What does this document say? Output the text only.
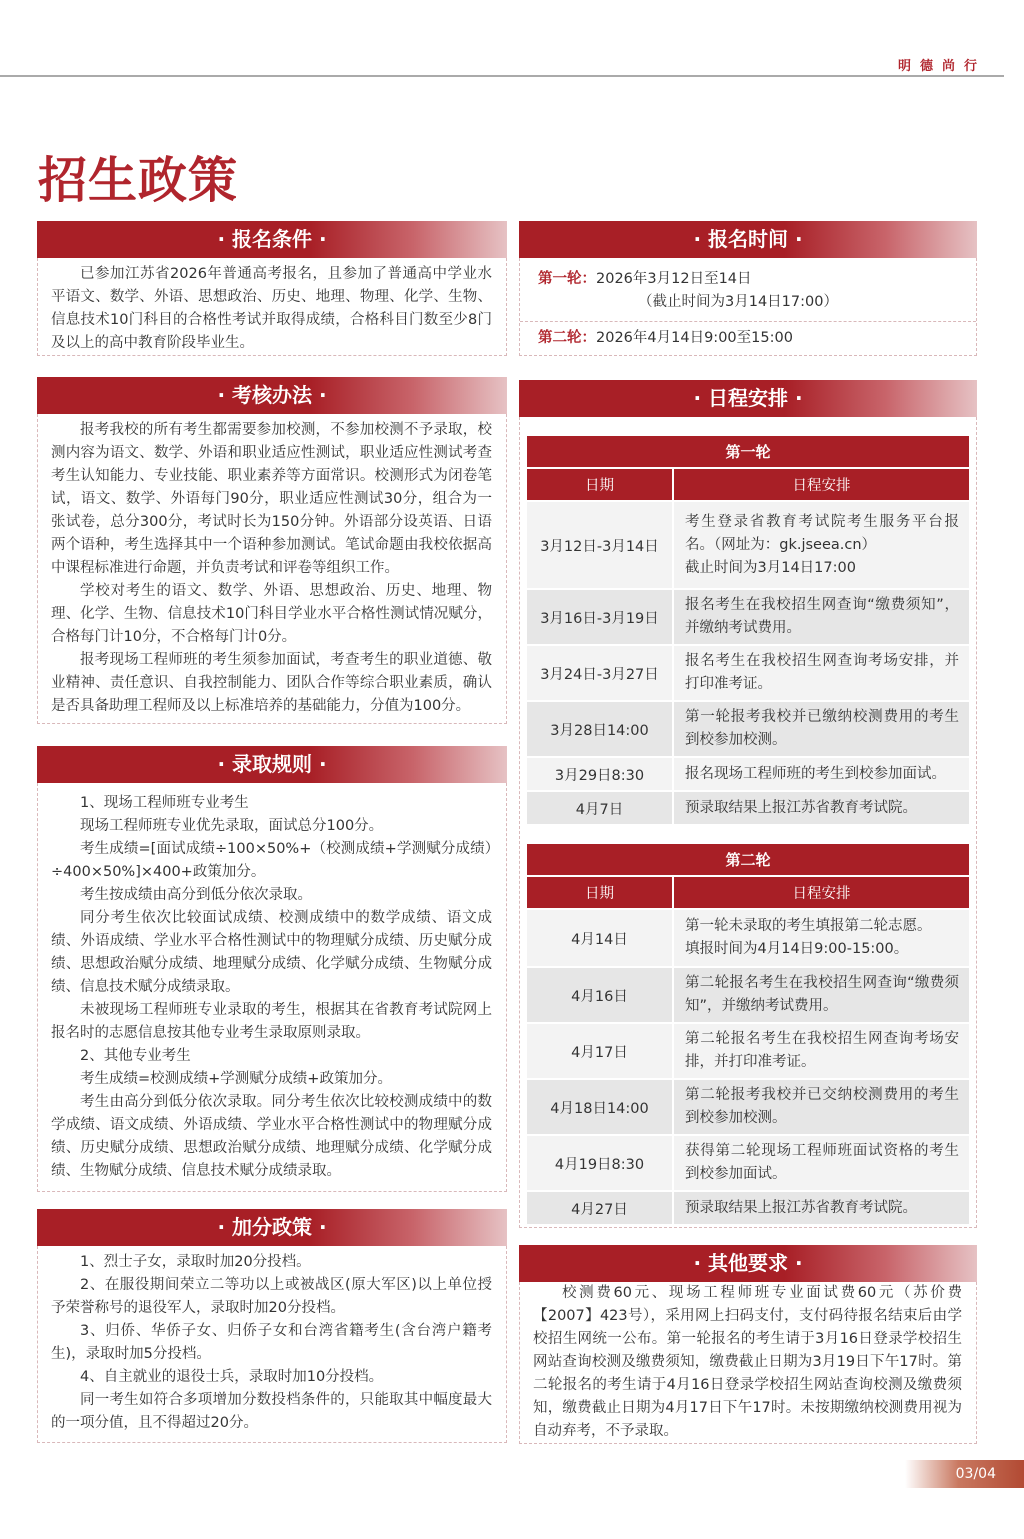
明德尚行
招生政策
· 报名条件 ·
已参加江苏省2026年普通高考报名，且参加了普通高中学业水平语文、数学、外语、思想政治、历史、地理、物理、化学、生物、信息技术10门科目的合格性考试并取得成绩，合格科目门数至少8门及以上的高中教育阶段毕业生。
· 考核办法 ·
报考我校的所有考生都需要参加校测，不参加校测不予录取，校测内容为语文、数学、外语和职业适应性测试，职业适应性测试考查考生认知能力、专业技能、职业素养等方面常识。校测形式为闭卷笔试，语文、数学、外语每门90分，职业适应性测试30分，组合为一张试卷，总分300分，考试时长为150分钟。外语部分设英语、日语两个语种，考生选择其中一个语种参加测试。笔试命题由我校依据高中课程标准进行命题，并负责考试和评卷等组织工作。
学校对考生的语文、数学、外语、思想政治、历史、地理、物理、化学、生物、信息技术10门科目学业水平合格性测试情况赋分，合格每门计10分，不合格每门计0分。
报考现场工程师班的考生须参加面试，考查考生的职业道德、敬业精神、责任意识、自我控制能力、团队合作等综合职业素质，确认是否具备助理工程师及以上标准培养的基础能力，分值为100分。
· 录取规则 ·
1、现场工程师班专业考生
现场工程师班专业优先录取，面试总分100分。
考生成绩=[面试成绩÷100×50%+（校测成绩+学测赋分成绩）÷400×50%]×400+政策加分。
考生按成绩由高分到低分依次录取。
同分考生依次比较面试成绩、校测成绩中的数学成绩、语文成绩、外语成绩、学业水平合格性测试中的物理赋分成绩、历史赋分成绩、思想政治赋分成绩、地理赋分成绩、化学赋分成绩、生物赋分成绩、信息技术赋分成绩录取。
未被现场工程师班专业录取的考生，根据其在省教育考试院网上报名时的志愿信息按其他专业考生录取原则录取。
2、其他专业考生
考生成绩=校测成绩+学测赋分成绩+政策加分。
考生由高分到低分依次录取。同分考生依次比较校测成绩中的数学成绩、语文成绩、外语成绩、学业水平合格性测试中的物理赋分成绩、历史赋分成绩、思想政治赋分成绩、地理赋分成绩、化学赋分成绩、生物赋分成绩、信息技术赋分成绩录取。
· 加分政策 ·
1、烈士子女，录取时加20分投档。
2、在服役期间荣立二等功以上或被战区(原大军区)以上单位授予荣誉称号的退役军人，录取时加20分投档。
3、归侨、华侨子女、归侨子女和台湾省籍考生(含台湾户籍考生)，录取时加5分投档。
4、自主就业的退役士兵，录取时加10分投档。
同一考生如符合多项增加分数投档条件的，只能取其中幅度最大的一项分值，且不得超过20分。
· 报名时间 ·
第一轮：2026年3月12日至14日
（截止时间为3月14日17:00）
第二轮：2026年4月14日9:00至15:00
· 日程安排 ·
第一轮	
日期	日程安排
3月12日-3月14日	考生登录省教育考试院考生服务平台报名。（网址为：gk.jseea.cn）
截止时间为3月14日17:00

3月16日-3月19日	报名考生在我校招生网查询“缴费须知”，并缴纳考试费用。

3月24日-3月27日	报名考生在我校招生网查询考场安排，并打印准考证。

3月28日14:00	第一轮报考我校并已缴纳校测费用的考生到校参加校测。

3月29日8:30	报名现场工程师班的考生到校参加面试。

4月7日	预录取结果上报江苏省教育考试院。
第二轮	
日期	日程安排
4月14日	第一轮未录取的考生填报第二轮志愿。
填报时间为4月14日9:00-15:00。

4月16日	第二轮报名考生在我校招生网查询“缴费须知”，并缴纳考试费用。

4月17日	第二轮报名考生在我校招生网查询考场安排，并打印准考证。

4月18日14:00	第二轮报考我校并已交纳校测费用的考生到校参加校测。

4月19日8:30	获得第二轮现场工程师班面试资格的考生到校参加面试。

4月27日	预录取结果上报江苏省教育考试院。
· 其他要求 ·
校测费60元、现场工程师班专业面试费60元（苏价费【2007】423号），采用网上扫码支付，支付码待报名结束后由学校招生网统一公布。第一轮报名的考生请于3月16日登录学校招生网站查询校测及缴费须知，缴费截止日期为3月19日下午17时。第二轮报名的考生请于4月16日登录学校招生网站查询校测及缴费须知，缴费截止日期为4月17日下午17时。未按期缴纳校测费用视为自动弃考，不予录取。
03/04
